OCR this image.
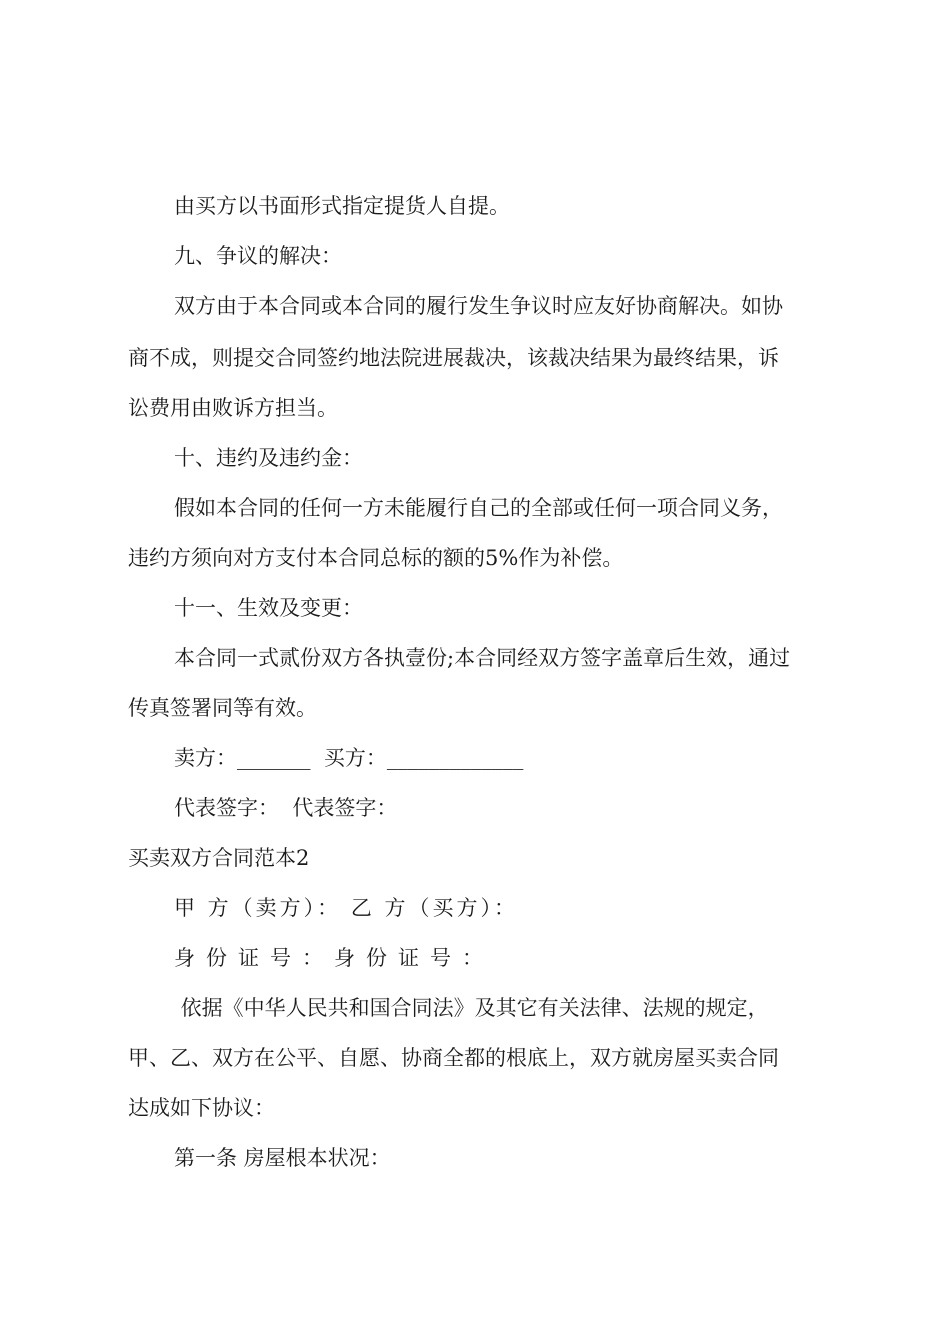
由买方以书面形式指定提货人自提。
九、争议的解决：
双方由于本合同或本合同的履行发生争议时应友好协商解决。如协
商不成，则提交合同签约地法院进展裁决，该裁决结果为最终结果，诉
讼费用由败诉方担当。
十、违约及违约金：
假如本合同的任何一方未能履行自己的全部或任何一项合同义务，
违约方须向对方支付本合同总标的额的5%作为补偿。
十一、生效及变更：
本合同一式贰份双方各执壹份;本合同经双方签字盖章后生效，通过
传真签署同等有效。
卖方：_______  买方：_____________
代表签字：  代表签字：
买卖双方合同范本2
甲 方（卖方）： 乙 方（买方）：
身份证号：身份证号：
依据《中华人民共和国合同法》及其它有关法律、法规的规定，
甲、乙、双方在公平、自愿、协商全都的根底上，双方就房屋买卖合同
达成如下协议：
第一条 房屋根本状况：
